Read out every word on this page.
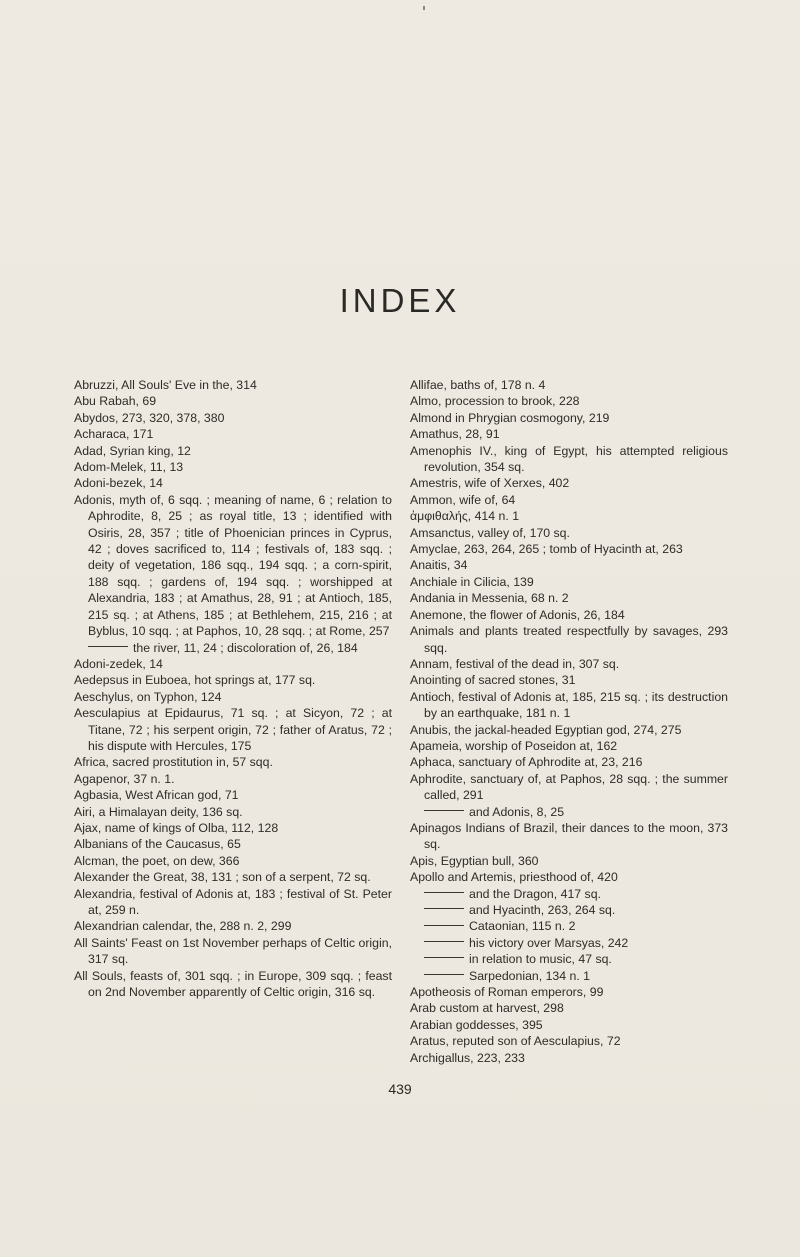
INDEX

Abruzzi, All Souls' Eve in the, 314

Abu Rabah, 69

Abydos, 273, 320, 378, 380

Acharaca, 171

Adad, Syrian king, 12

Adom-Melek, 11, 13

Adoni-bezek, 14

Adonis, myth of, 6 sqq. ; meaning of name, 6 ; relation to Aphrodite, 8, 25 ; as royal title, 13 ; identified with Osiris, 28, 357 ; title of Phoenician princes in Cyprus, 42 ; doves sacrificed to, 114 ; festivals of, 183 sqq. ; deity of vegetation, 186 sqq., 194 sqq. ; a corn-spirit, 188 sqq. ; gardens of, 194 sqq. ; worshipped at Alexandria, 183 ; at Amathus, 28, 91 ; at Antioch, 185, 215 sq. ; at Athens, 185 ; at Bethlehem, 215, 216 ; at Byblus, 10 sqq. ; at Paphos, 10, 28 sqq. ; at Rome, 257

the river, 11, 24 ; discoloration of, 26, 184

Adoni-zedek, 14

Aedepsus in Euboea, hot springs at, 177 sq.

Aeschylus, on Typhon, 124

Aesculapius at Epidaurus, 71 sq. ; at Sicyon, 72 ; at Titane, 72 ; his serpent origin, 72 ; father of Aratus, 72 ; his dispute with Hercules, 175

Africa, sacred prostitution in, 57 sqq.

Agapenor, 37 n. 1.

Agbasia, West African god, 71

Airi, a Himalayan deity, 136 sq.

Ajax, name of kings of Olba, 112, 128

Albanians of the Caucasus, 65

Alcman, the poet, on dew, 366

Alexander the Great, 38, 131 ; son of a serpent, 72 sq.

Alexandria, festival of Adonis at, 183 ; festival of St. Peter at, 259 n.

Alexandrian calendar, the, 288 n. 2, 299

All Saints' Feast on 1st November perhaps of Celtic origin, 317 sq.

All Souls, feasts of, 301 sqq. ; in Europe, 309 sqq. ; feast on 2nd November apparently of Celtic origin, 316 sq.

Allifae, baths of, 178 n. 4

Almo, procession to brook, 228

Almond in Phrygian cosmogony, 219

Amathus, 28, 91

Amenophis IV., king of Egypt, his attempted religious revolution, 354 sq.

Amestris, wife of Xerxes, 402

Ammon, wife of, 64

ἀμφιθαλής, 414 n. 1

Amsanctus, valley of, 170 sq.

Amyclae, 263, 264, 265 ; tomb of Hyacinth at, 263

Anaitis, 34

Anchiale in Cilicia, 139

Andania in Messenia, 68 n. 2

Anemone, the flower of Adonis, 26, 184

Animals and plants treated respectfully by savages, 293 sqq.

Annam, festival of the dead in, 307 sq.

Anointing of sacred stones, 31

Antioch, festival of Adonis at, 185, 215 sq. ; its destruction by an earthquake, 181 n. 1

Anubis, the jackal-headed Egyptian god, 274, 275

Apameia, worship of Poseidon at, 162

Aphaca, sanctuary of Aphrodite at, 23, 216

Aphrodite, sanctuary of, at Paphos, 28 sqq. ; the summer called, 291

and Adonis, 8, 25

Apinagos Indians of Brazil, their dances to the moon, 373 sq.

Apis, Egyptian bull, 360

Apollo and Artemis, priesthood of, 420

and the Dragon, 417 sq.

and Hyacinth, 263, 264 sq.

Cataonian, 115 n. 2

his victory over Marsyas, 242

in relation to music, 47 sq.

Sarpedonian, 134 n. 1

Apotheosis of Roman emperors, 99

Arab custom at harvest, 298

Arabian goddesses, 395

Aratus, reputed son of Aesculapius, 72

Archigallus, 223, 233

439
